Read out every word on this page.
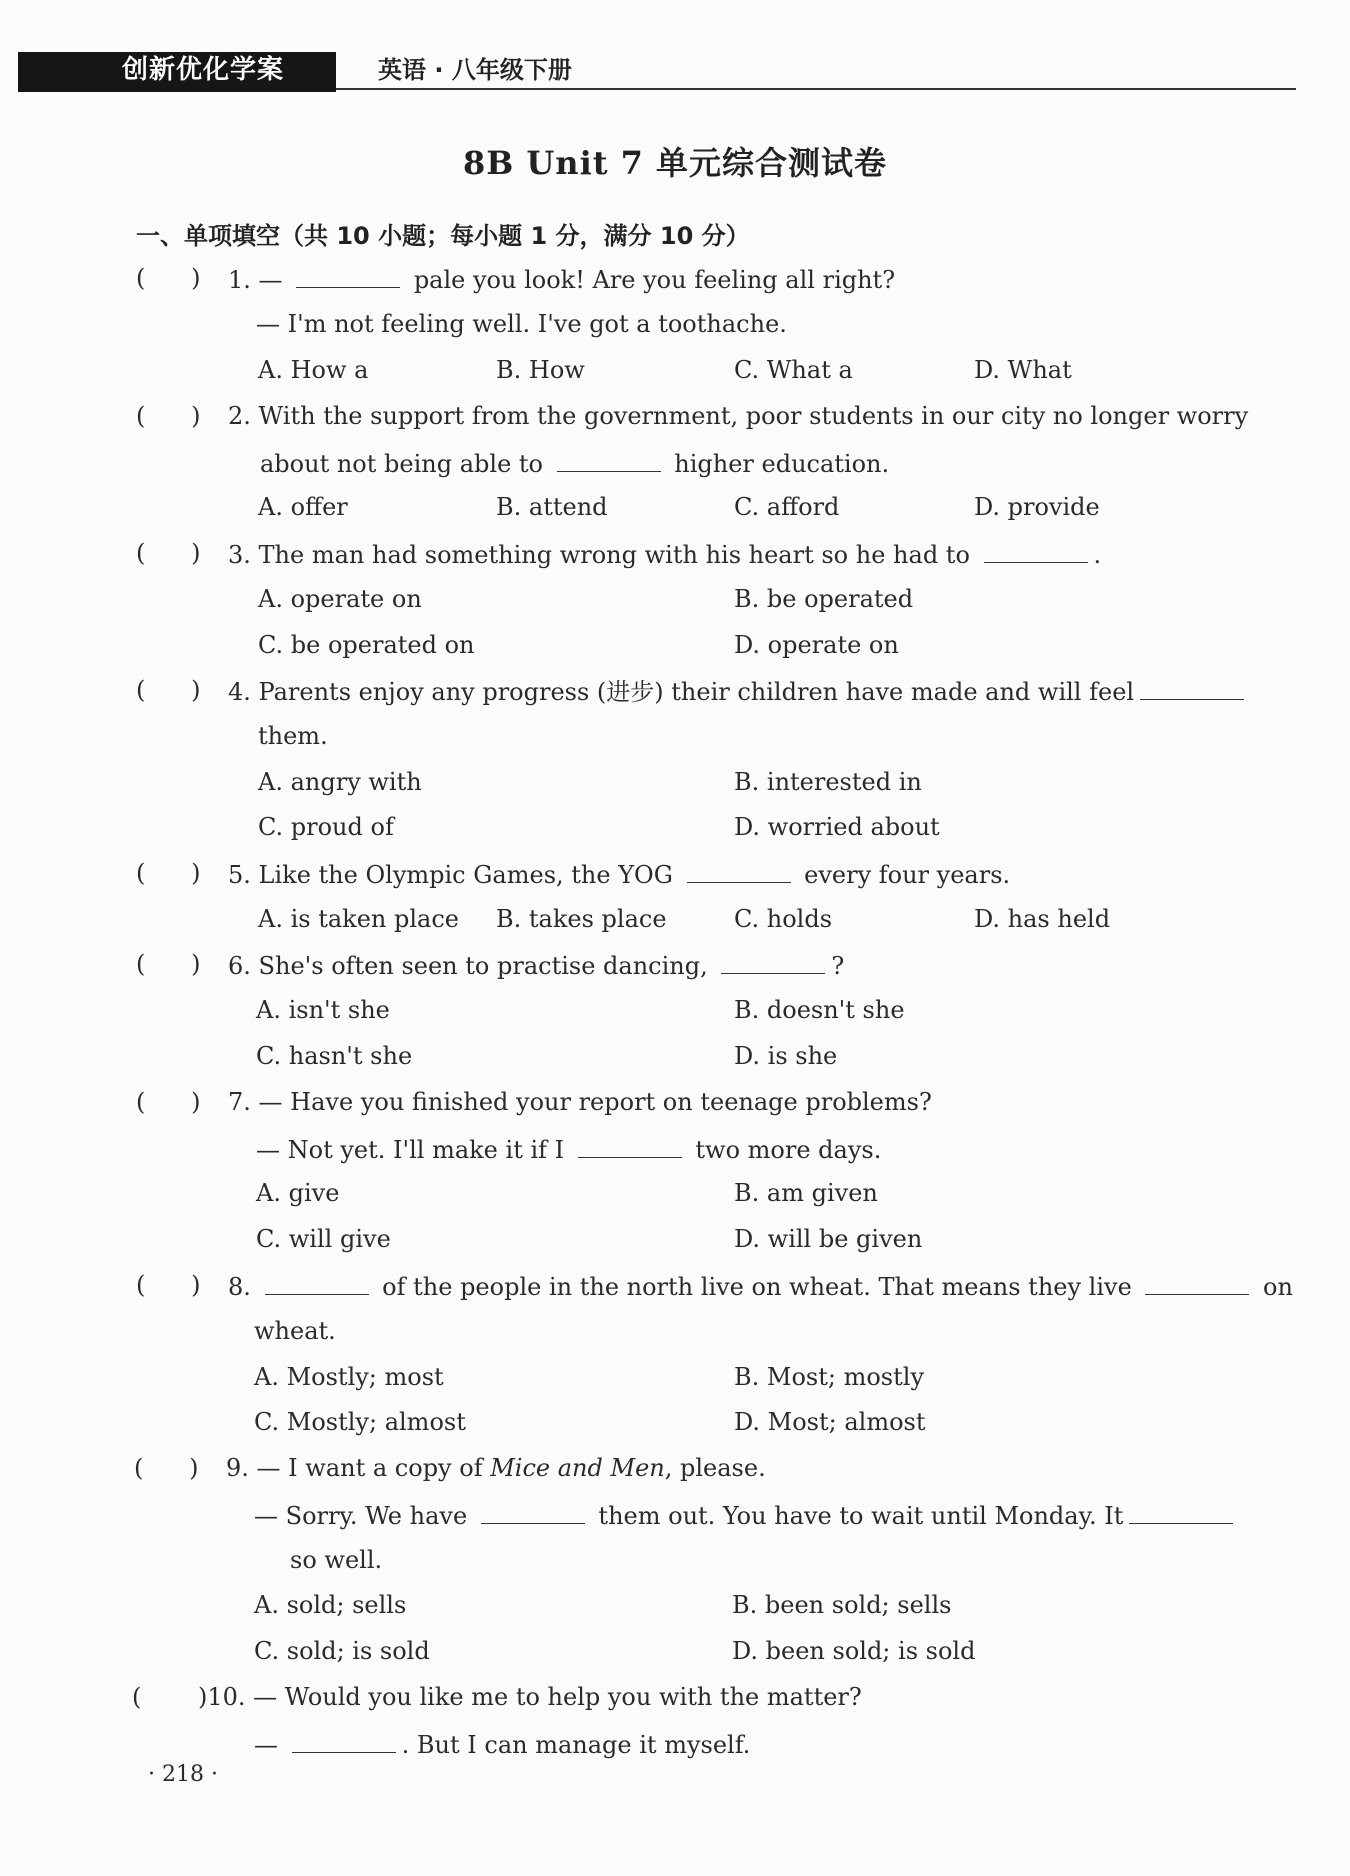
创新优化学案	英语 · 八年级下册
8B Unit 7 单元综合测试卷
一、单项填空（共 10 小题；每小题 1 分，满分 10 分）
(      ) 1. —	pale you look! Are you feeling all right?
— I'm not feeling well. I've got a toothache.
A. How a	B. How	C. What a	D. What
(      ) 2. With the support from the government, poor students in our city no longer worry
about not being able to	higher education.
A. offer	B. attend	C. afford	D. provide
(      ) 3. The man had something wrong with his heart so he had to	.
A. operate on	B. be operated
C. be operated on	D. operate on
(      ) 4. Parents enjoy any progress (进步) their children have made and will feel
them.
A. angry with	B. interested in
C. proud of	D. worried about
(      ) 5. Like the Olympic Games, the YOG	every four years.
A. is taken place B. takes place	C. holds	D. has held
(      ) 6. She's often seen to practise dancing,	?
A. isn't she	B. doesn't she
C. hasn't she	D. is she
(      ) 7. — Have you finished your report on teenage problems?
— Not yet. I'll make it if I	two more days.
A. give	B. am given
C. will give	D. will be given
(      ) 8.	of the people in the north live on wheat. That means they live	on
wheat.
A. Mostly; most	B. Most; mostly
C. Mostly; almost	D. Most; almost
(      ) 9. — I want a copy of Mice and Men, please.
— Sorry. We have	them out. You have to wait until Monday. It
so well.
A. sold; sells	B. been sold; sells
C. sold; is sold	D. been sold; is sold
( )10. — Would you like me to help you with the matter?
—	. But I can manage it myself.
· 218 ·
